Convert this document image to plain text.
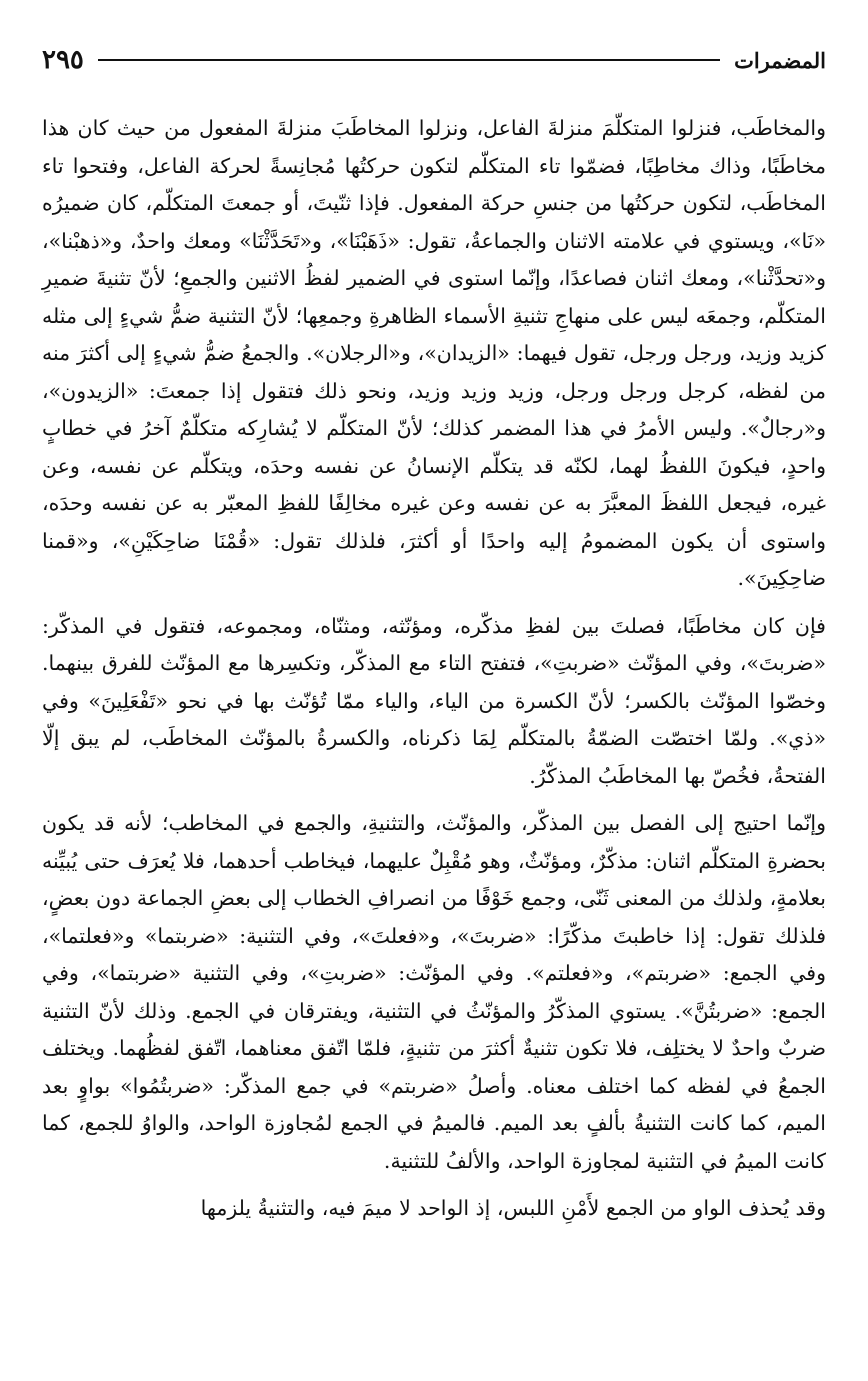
المضمرات
٢٩٥

والمخاطَب، فنزلوا المتكلّمَ منزلةَ الفاعل، ونزلوا المخاطَبَ منزلةَ المفعول من حيث كان هذا مخاطَبًا، وذاك مخاطِبًا، فضمّوا تاء المتكلّم لتكون حركتُها مُجانِسةً لحركة الفاعل، وفتحوا تاء المخاطَب، لتكون حركتُها من جنسِ حركة المفعول. فإذا ثنّيتَ، أو جمعتَ المتكلّم، كان ضميرُه «نَا»، ويستوي في علامته الاثنان والجماعةُ، تقول: «ذَهَبْنَا»، و«تَحَدَّثْنَا» ومعك واحدٌ، و«ذهبْنا»، و«تحدَّثْنا»، ومعك اثنان فصاعدًا، وإنّما استوى في الضمير لفظُ الاثنين والجمعِ؛ لأنّ تثنيةَ ضميرِ المتكلّم، وجمعَه ليس على منهاجِ تثنيةِ الأسماء الظاهرةِ وجمعِها؛ لأنّ التثنية ضمُّ شيءٍ إلى مثله كزيد وزيد، ورجل ورجل، تقول فيهما: «الزيدان»، و«الرجلان». والجمعُ ضمُّ شيءٍ إلى أكثرَ منه من لفظه، كرجل ورجل ورجل، وزيد وزيد وزيد، ونحو ذلك فتقول إذا جمعتَ: «الزيدون»، و«رجالٌ». وليس الأمرُ في هذا المضمر كذلك؛ لأنّ المتكلّم لا يُشارِكه متكلّمٌ آخرُ في خطابٍ واحدٍ، فيكونَ اللفظُ لهما، لكنّه قد يتكلّم الإنسانُ عن نفسه وحدَه، ويتكلّم عن نفسه، وعن غيره، فيجعل اللفظَ المعبَّرَ به عن نفسه وعن غيره مخالِفًا للفظِ المعبّر به عن نفسه وحدَه، واستوى أن يكون المضمومُ إليه واحدًا أو أكثرَ، فلذلك تقول: «قُمْنَا ضاحِكَيْنِ»، و«قمنا ضاحِكِينَ».

فإن كان مخاطَبًا، فصلتَ بين لفظِ مذكّره، ومؤنّثه، ومثنّاه، ومجموعه، فتقول في المذكّر: «ضربتَ»، وفي المؤنّث «ضربتِ»، فتفتح التاء مع المذكّر، وتكسِرها مع المؤنّث للفرق بينهما. وخصّوا المؤنّث بالكسر؛ لأنّ الكسرة من الياء، والياء ممّا تُؤنّث بها في نحو «تَفْعَلِينَ» وفي «ذي». ولمّا اختصّت الضمّةُ بالمتكلّم لِمَا ذكرناه، والكسرةُ بالمؤنّث المخاطَب، لم يبق إلّا الفتحةُ، فخُصّ بها المخاطَبُ المذكّرُ.

وإنّما احتيج إلى الفصل بين المذكّر، والمؤنّث، والتثنيةِ، والجمع في المخاطب؛ لأنه قد يكون بحضرةِ المتكلّم اثنان: مذكّرٌ، ومؤنّثٌ، وهو مُقْبِلٌ عليهما، فيخاطب أحدهما، فلا يُعرَف حتى يُبيِّنه بعلامةٍ، ولذلك من المعنى ثَنّى، وجمع خَوْفًا من انصرافِ الخطاب إلى بعضِ الجماعة دون بعضٍ، فلذلك تقول: إذا خاطبتَ مذكّرًا: «ضربتَ»، و«فعلتَ»، وفي التثنية: «ضربتما» و«فعلتما»، وفي الجمع: «ضربتم»، و«فعلتم». وفي المؤنّث: «ضربتِ»، وفي التثنية «ضربتما»، وفي الجمع: «ضربتُنَّ». يستوي المذكّرُ والمؤنّثُ في التثنية، ويفترقان في الجمع. وذلك لأنّ التثنية ضربٌ واحدٌ لا يختلِف، فلا تكون تثنيةٌ أكثرَ من تثنيةٍ، فلمّا اتّفق معناهما، اتّفق لفظُهما. ويختلف الجمعُ في لفظه كما اختلف معناه. وأصلُ «ضربتم» في جمع المذكّر: «ضربتُمُوا» بواوٍ بعد الميم، كما كانت التثنيةُ بألفٍ بعد الميم. فالميمُ في الجمع لمُجاوزة الواحد، والواوُ للجمع، كما كانت الميمُ في التثنية لمجاوزة الواحد، والألفُ للتثنية.

وقد يُحذف الواو من الجمع لأَمْنِ اللبس، إذ الواحد لا ميمَ فيه، والتثنيةُ يلزمها
